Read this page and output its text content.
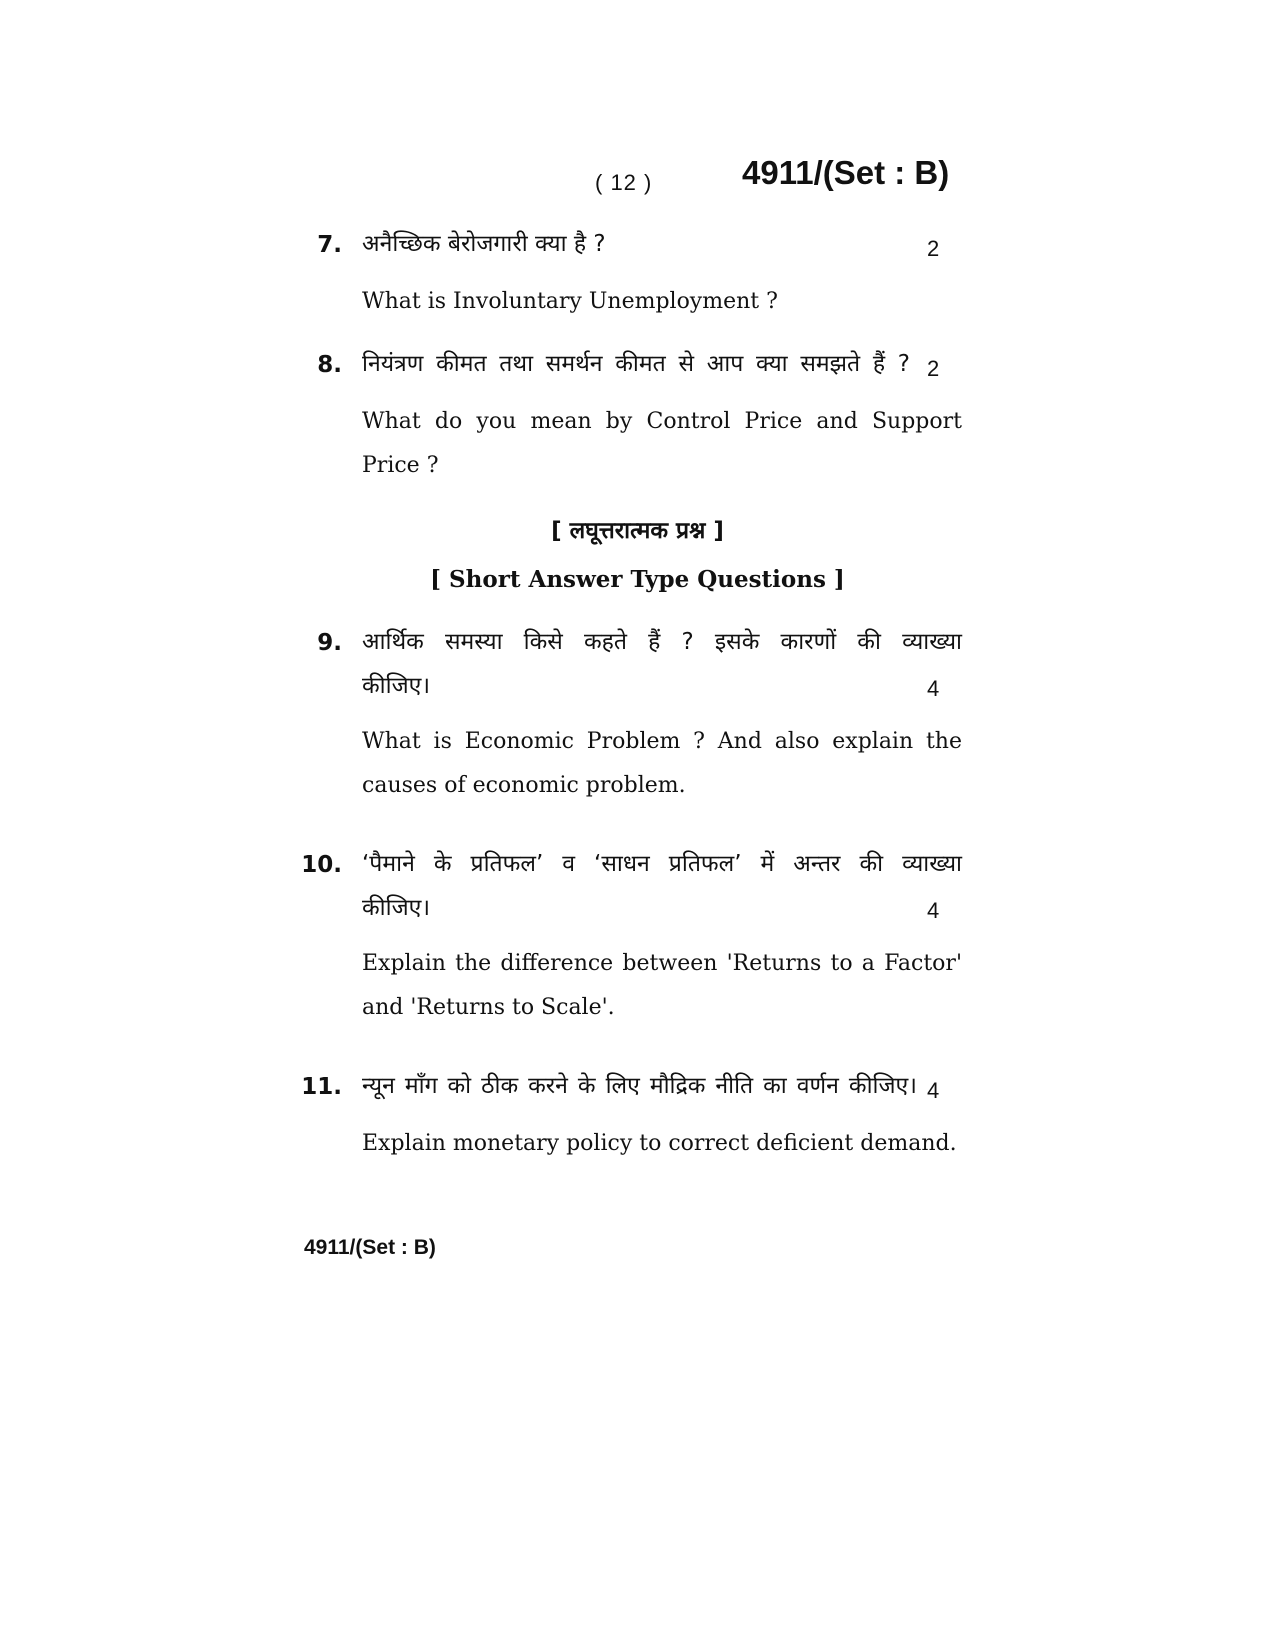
( 12 )	4911/(Set : B)
7. अनैच्छिक बेरोजगारी क्या है ?	2
What is Involuntary Unemployment ?
8. नियंत्रण कीमत तथा समर्थन कीमत से आप क्या समझते हैं ? 2
What do you mean by Control Price and Support Price ?
[ लघूत्तरात्मक प्रश्न ]
[ Short Answer Type Questions ]
9. आर्थिक समस्या किसे कहते हैं ? इसके कारणों की व्याख्या
कीजिए।	4
What is Economic Problem ? And also explain the causes of economic problem.
10. ‘पैमाने के प्रतिफल’ व ‘साधन प्रतिफल’ में अन्तर की व्याख्या
कीजिए।	4
Explain the difference between 'Returns to a Factor' and 'Returns to Scale'.
11. न्यून माँग को ठीक करने के लिए मौद्रिक नीति का वर्णन कीजिए। 4
Explain monetary policy to correct deficient demand.
4911/(Set : B)
